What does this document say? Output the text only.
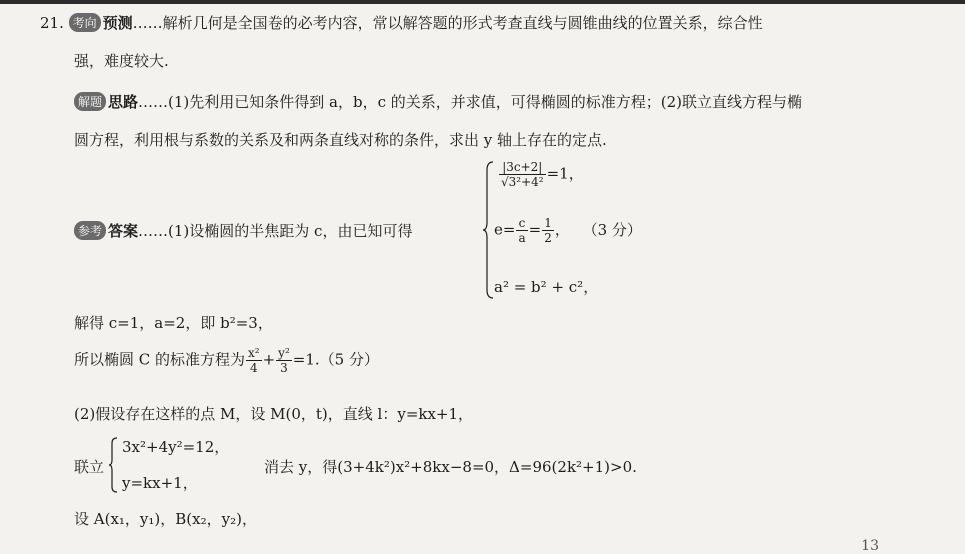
21. 考向 预测……解析几何是全国卷的必考内容，常以解答题的形式考查直线与圆锥曲线的位置关系，综合性
强，难度较大.
解题 思路……(1)先利用已知条件得到 a，b，c 的关系，并求值，可得椭圆的标准方程；(2)联立直线方程与椭
圆方程，利用根与系数的关系及和两条直线对称的条件，求出 y 轴上存在的定点.
参考 答案……(1)设椭圆的半焦距为 c，由已知可得
$\frac{|3c+2|}{\text{√3²+4²}} =1$，
$e= \frac{c}{a} = \frac{1}{2}$ ， （3 分）
a² = b² + c²，
解得 c=1，a=2，即 b²=3，
所以椭圆 C 的标准方程为 $\frac{\text{x²}}{4} + \frac{\text{y²}}{3} =1.(5$ 分）
(2)假设存在这样的点 M，设 M(0，t)，直线 l：y=kx+1，
联立
3x²+4y²=12，
y=kx+1，
消去 y，得(3+4k²)x²+8kx−8=0，Δ=96(2k²+1)>0.
设 A(x₁，y₁)，B(x₂，y₂)，
13
